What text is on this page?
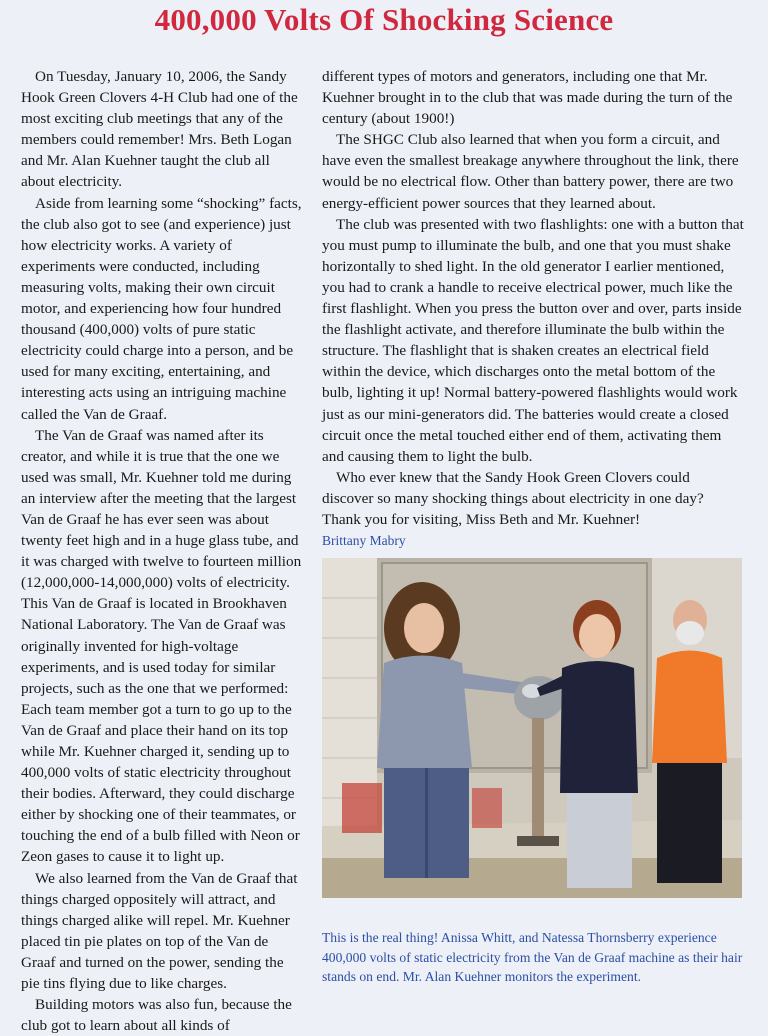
400,000 Volts Of Shocking Science

On Tuesday, January 10, 2006, the Sandy Hook Green Clovers 4-H Club had one of the most exciting club meetings that any of the members could remember! Mrs. Beth Logan and Mr. Alan Kuehner taught the club all about electricity.

Aside from learning some “shocking” facts, the club also got to see (and experience) just how electricity works. A variety of experiments were conducted, including measuring volts, making their own circuit motor, and experiencing how four hundred thousand (400,000) volts of pure static electricity could charge into a person, and be used for many exciting, entertaining, and interesting acts using an intriguing machine called the Van de Graaf.

The Van de Graaf was named after its creator, and while it is true that the one we used was small, Mr. Kuehner told me during an interview after the meeting that the largest Van de Graaf he has ever seen was about twenty feet high and in a huge glass tube, and it was charged with twelve to fourteen million (12,000,000-14,000,000) volts of electricity. This Van de Graaf is located in Brookhaven National Laboratory. The Van de Graaf was originally invented for high-voltage experiments, and is used today for similar projects, such as the one that we performed: Each team member got a turn to go up to the Van de Graaf and place their hand on its top while Mr. Kuehner charged it, sending up to 400,000 volts of static electricity throughout their bodies. Afterward, they could discharge either by shocking one of their teammates, or touching the end of a bulb filled with Neon or Zeon gases to cause it to light up.

We also learned from the Van de Graaf that things charged oppositely will attract, and things charged alike will repel. Mr. Kuehner placed tin pie plates on top of the Van de Graaf and turned on the power, sending the pie tins flying due to like charges.

Building motors was also fun, because the club got to learn about all kinds of

different types of motors and generators, including one that Mr. Kuehner brought in to the club that was made during the turn of the century (about 1900!)

The SHGC Club also learned that when you form a circuit, and have even the smallest breakage anywhere throughout the link, there would be no electrical flow. Other than battery power, there are two energy-efficient power sources that they learned about.

The club was presented with two flashlights: one with a button that you must pump to illuminate the bulb, and one that you must shake horizontally to shed light. In the old generator I earlier mentioned, you had to crank a handle to receive electrical power, much like the first flashlight. When you press the button over and over, parts inside the flashlight activate, and therefore illuminate the bulb within the structure. The flashlight that is shaken creates an electrical field within the device, which discharges onto the metal bottom of the bulb, lighting it up! Normal battery-powered flashlights would work just as our mini-generators did. The batteries would create a closed circuit once the metal touched either end of them, activating them and causing them to light the bulb.

Who ever knew that the Sandy Hook Green Clovers could discover so many shocking things about electricity in one day? Thank you for visiting, Miss Beth and Mr. Kuehner!

Brittany Mabry

This is the real thing! Anissa Whitt, and Natessa Thornsberry experience 400,000 volts of static electricity from the Van de Graaf machine as their hair stands on end. Mr. Alan Kuehner monitors the experiment.
